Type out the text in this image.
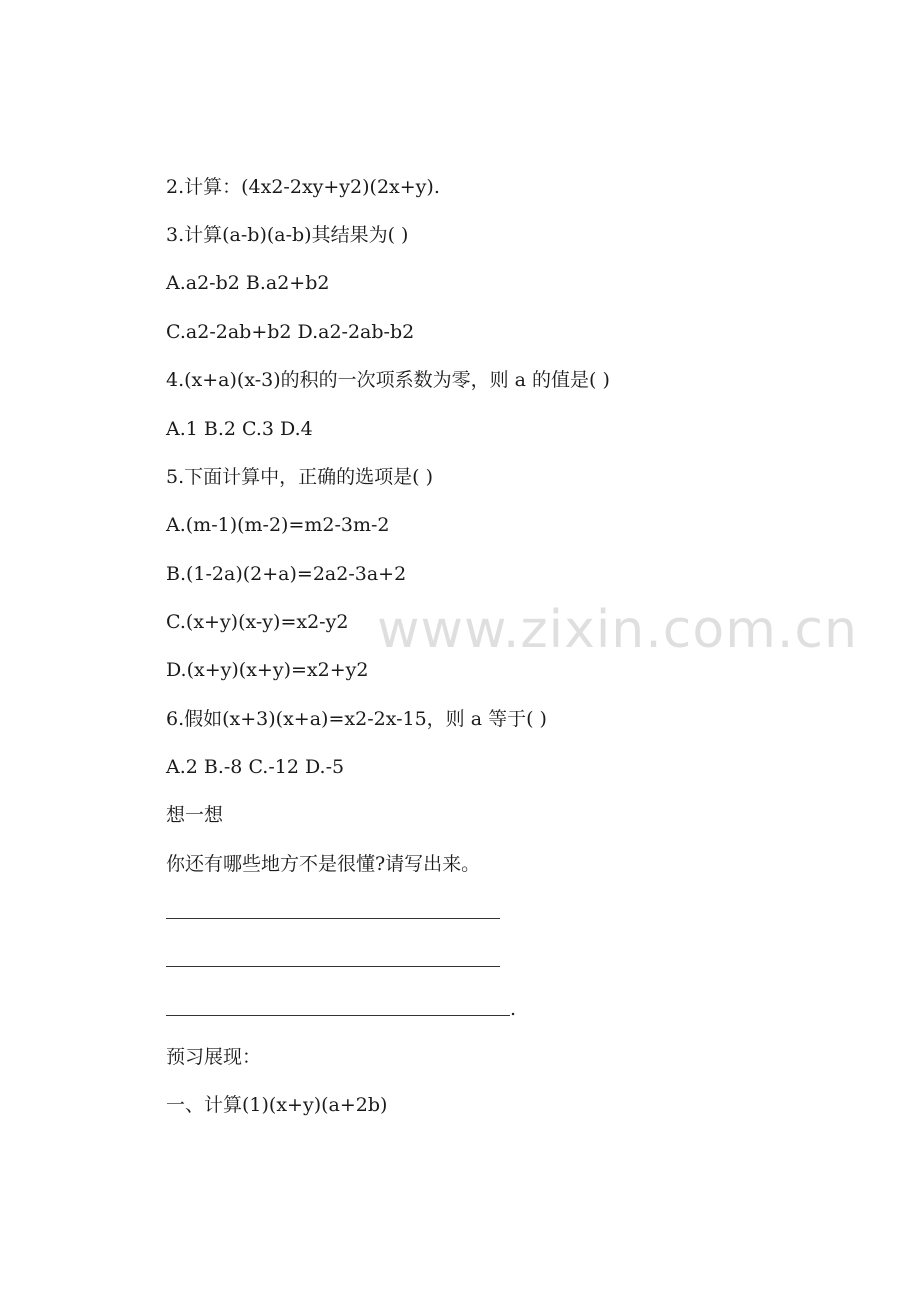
www.zixin.com.cn
2.计算：(4x2-2xy+y2)(2x+y).
3.计算(a-b)(a-b)其结果为( )
A.a2-b2 B.a2+b2
C.a2-2ab+b2 D.a2-2ab-b2
4.(x+a)(x-3)的积的一次项系数为零，则 a 的值是( )
A.1 B.2 C.3 D.4
5.下面计算中，正确的选项是( )
A.(m-1)(m-2)=m2-3m-2
B.(1-2a)(2+a)=2a2-3a+2
C.(x+y)(x-y)=x2-y2
D.(x+y)(x+y)=x2+y2
6.假如(x+3)(x+a)=x2-2x-15，则 a 等于( )
A.2 B.-8 C.-12 D.-5
想一想
你还有哪些地方不是很懂?请写出来。
.
预习展现：
一、计算(1)(x+y)(a+2b)
